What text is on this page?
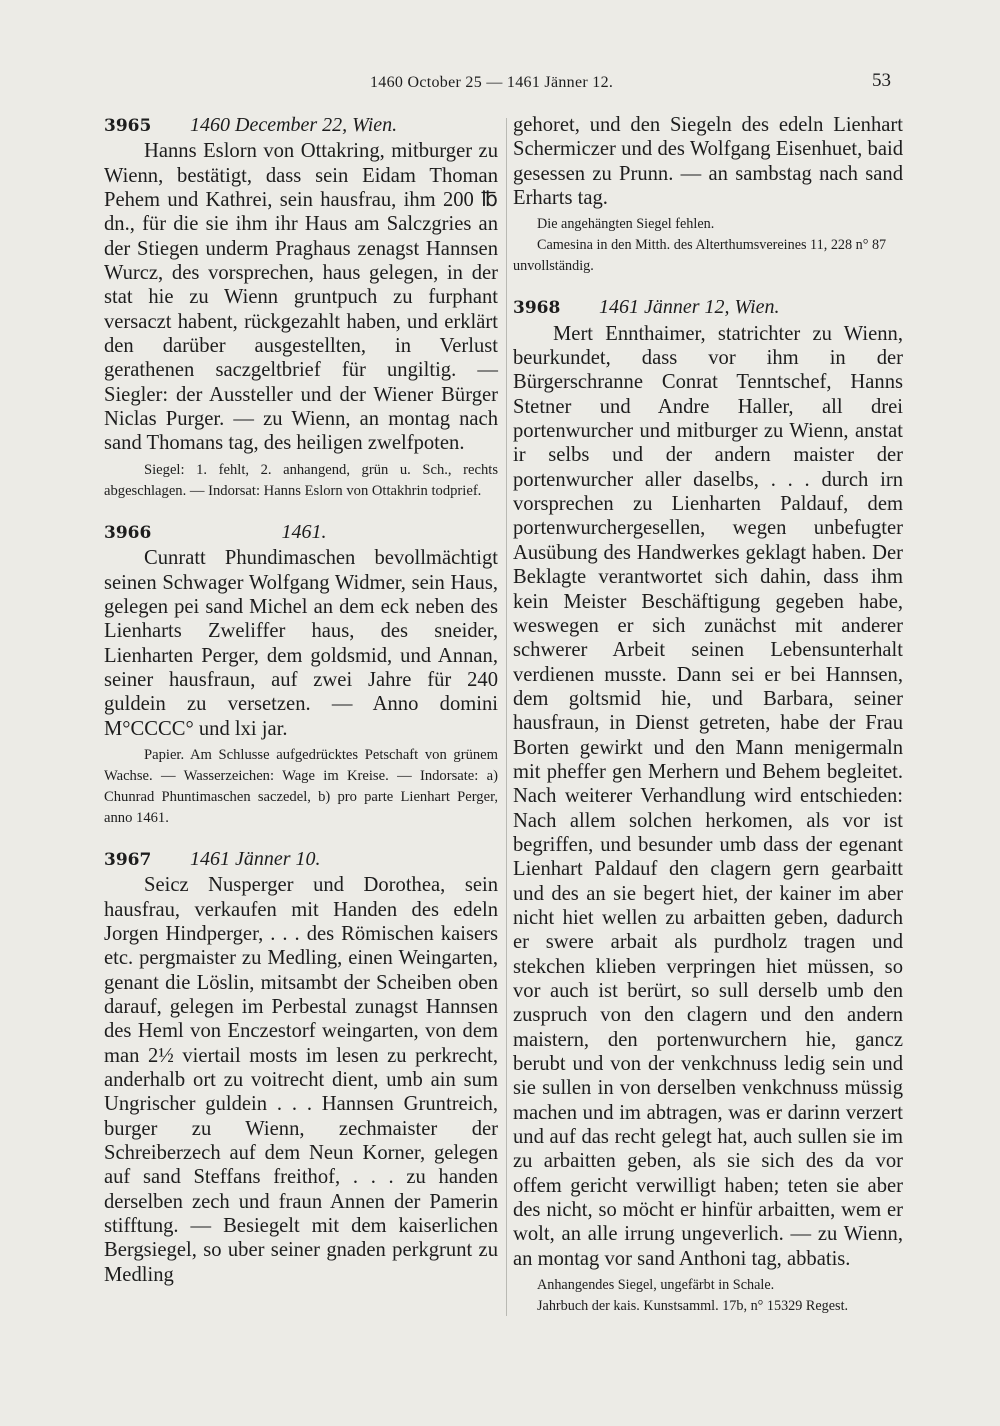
1460 October 25 — 1461 Jänner 12.	53
3965	1460 December 22, Wien.
Hanns Eslorn von Ottakring, mitburger zu Wienn, bestätigt, dass sein Eidam Thoman Pehem und Kathrei, sein hausfrau, ihm 200 ℔ dn., für die sie ihm ihr Haus am Salczgries an der Stiegen underm Praghaus zenagst Hannsen Wurcz, des vorsprechen, haus gelegen, in der stat hie zu Wienn gruntpuch zu furphant versaczt habent, rückgezahlt haben, und erklärt den darüber ausgestellten, in Verlust gerathenen saczgeltbrief für ungiltig. — Siegler: der Aussteller und der Wiener Bürger Niclas Purger. — zu Wienn, an montag nach sand Thomans tag, des heiligen zwelfpoten.

Siegel: 1. fehlt, 2. anhangend, grün u. Sch., rechts abgeschlagen. — Indorsat: Hanns Eslorn von Ottakhrin todprief.

3966	1461.
Cunratt Phundimaschen bevollmächtigt seinen Schwager Wolfgang Widmer, sein Haus, gelegen pei sand Michel an dem eck neben des Lienharts Zweliffer haus, des sneider, Lienharten Perger, dem goldsmid, und Annan, seiner hausfraun, auf zwei Jahre für 240 guldein zu versetzen. — Anno domini M°CCCC° und lxi jar.

Papier. Am Schlusse aufgedrücktes Petschaft von grünem Wachse. — Wasserzeichen: Wage im Kreise. — Indorsate: a) Chunrad Phuntimaschen saczedel, b) pro parte Lienhart Perger, anno 1461.

3967	1461 Jänner 10.
Seicz Nusperger und Dorothea, sein hausfrau, verkaufen mit Handen des edeln Jorgen Hindperger, . . . des Römischen kaisers etc. pergmaister zu Medling, einen Weingarten, genant die Löslin, mitsambt der Scheiben oben darauf, gelegen im Perbestal zunagst Hannsen des Heml von Enczestorf weingarten, von dem man 2½ viertail mosts im lesen zu perkrecht, anderhalb ort zu voitrecht dient, umb ain sum Ungrischer guldein . . . Hannsen Gruntreich, burger zu Wienn, zechmaister der Schreiberzech auf dem Neun Korner, gelegen auf sand Steffans freithof, . . . zu handen derselben zech und fraun Annen der Pamerin stifftung. — Besiegelt mit dem kaiserlichen Bergsiegel, so uber seiner gnaden perkgrunt zu Medling
gehoret, und den Siegeln des edeln Lienhart Schermiczer und des Wolfgang Eisenhuet, baid gesessen zu Prunn. — an sambstag nach sand Erharts tag.

Die angehängten Siegel fehlen.

Camesina in den Mitth. des Alterthumsvereines 11, 228 n° 87 unvollständig.

3968	1461 Jänner 12, Wien.
Mert Ennthaimer, statrichter zu Wienn, beurkundet, dass vor ihm in der Bürgerschranne Conrat Tenntschef, Hanns Stetner und Andre Haller, all drei portenwurcher und mitburger zu Wienn, anstat ir selbs und der andern maister der portenwurcher aller daselbs, . . . durch irn vorsprechen zu Lienharten Paldauf, dem portenwurchergesellen, wegen unbefugter Ausübung des Handwerkes geklagt haben. Der Beklagte verantwortet sich dahin, dass ihm kein Meister Beschäftigung gegeben habe, weswegen er sich zunächst mit anderer schwerer Arbeit seinen Lebensunterhalt verdienen musste. Dann sei er bei Hannsen, dem goltsmid hie, und Barbara, seiner hausfraun, in Dienst getreten, habe der Frau Borten gewirkt und den Mann menigermaln mit pheffer gen Merhern und Behem begleitet. Nach weiterer Verhandlung wird entschieden: Nach allem solchen herkomen, als vor ist begriffen, und besunder umb dass der egenant Lienhart Paldauf den clagern gern gearbaitt und des an sie begert hiet, der kainer im aber nicht hiet wellen zu arbaitten geben, dadurch er swere arbait als purdholz tragen und stekchen klieben verpringen hiet müssen, so vor auch ist berürt, so sull derselb umb den zuspruch von den clagern und den andern maistern, den portenwurchern hie, gancz berubt und von der venkchnuss ledig sein und sie sullen in von derselben venkchnuss müssig machen und im abtragen, was er darinn verzert und auf das recht gelegt hat, auch sullen sie im zu arbaitten geben, als sie sich des da vor offem gericht verwilligt haben; teten sie aber des nicht, so möcht er hinfür arbaitten, wem er wolt, an alle irrung ungeverlich. — zu Wienn, an montag vor sand Anthoni tag, abbatis.

Anhangendes Siegel, ungefärbt in Schale.

Jahrbuch der kais. Kunstsamml. 17b, n° 15329 Regest.
